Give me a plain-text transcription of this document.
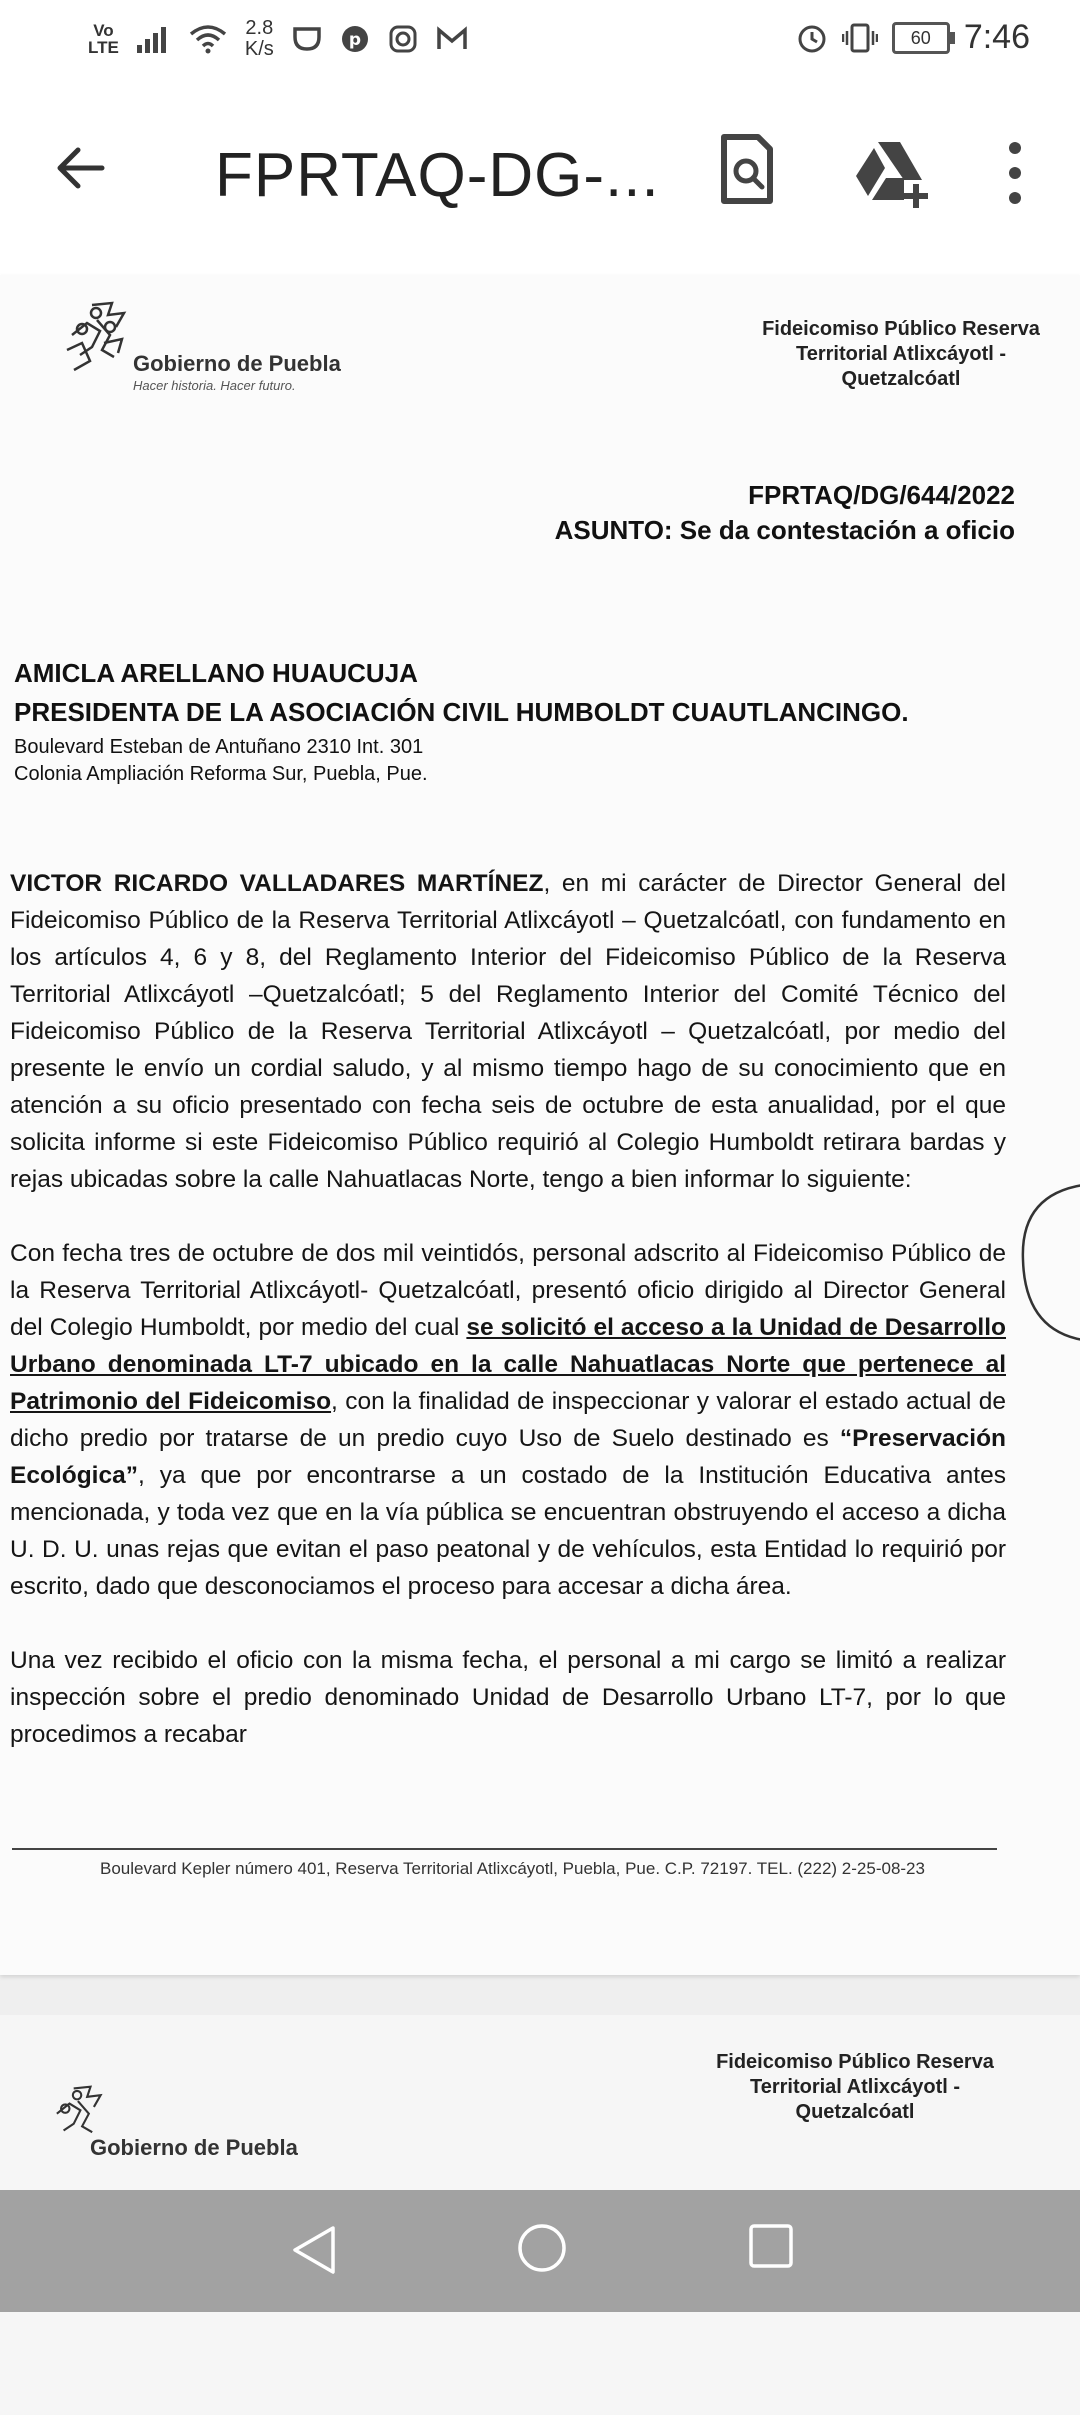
Vo
LTE
2.8
K/s	p	60 7:46
FPRTAQ-DG-...
Gobierno de Puebla
Hacer historia. Hacer futuro.
Fideicomiso Público Reserva Territorial Atlixcáyotl - Quetzalcóatl
FPRTAQ/DG/644/2022
ASUNTO: Se da contestación a oficio
AMICLA ARELLANO HUAUCUJA
PRESIDENTA DE LA ASOCIACIÓN CIVIL HUMBOLDT CUAUTLANCINGO.
Boulevard Esteban de Antuñano 2310 Int. 301
Colonia Ampliación Reforma Sur, Puebla, Pue.
VICTOR RICARDO VALLADARES MARTÍNEZ, en mi carácter de Director General del Fideicomiso Público de la Reserva Territorial Atlixcáyotl – Quetzalcóatl, con fundamento en los artículos 4, 6 y 8, del Reglamento Interior del Fideicomiso Público de la Reserva Territorial Atlixcáyotl –Quetzalcóatl; 5 del Reglamento Interior del Comité Técnico del Fideicomiso Público de la Reserva Territorial Atlixcáyotl – Quetzalcóatl, por medio del presente le envío un cordial saludo, y al mismo tiempo hago de su conocimiento que en atención a su oficio presentado con fecha seis de octubre de esta anualidad, por el que solicita informe si este Fideicomiso Público requirió al Colegio Humboldt retirara bardas y rejas ubicadas sobre la calle Nahuatlacas Norte, tengo a bien informar lo siguiente:
Con fecha tres de octubre de dos mil veintidós, personal adscrito al Fideicomiso Público de la Reserva Territorial Atlixcáyotl- Quetzalcóatl, presentó oficio dirigido al Director General del Colegio Humboldt, por medio del cual se solicitó el acceso a la Unidad de Desarrollo Urbano denominada LT-7 ubicado en la calle Nahuatlacas Norte que pertenece al Patrimonio del Fideicomiso, con la finalidad de inspeccionar y valorar el estado actual de dicho predio por tratarse de un predio cuyo Uso de Suelo destinado es “Preservación Ecológica”, ya que por encontrarse a un costado de la Institución Educativa antes mencionada, y toda vez que en la vía pública se encuentran obstruyendo el acceso a dicha U. D. U. unas rejas que evitan el paso peatonal y de vehículos, esta Entidad lo requirió por escrito, dado que desconociamos el proceso para accesar a dicha área.
Una vez recibido el oficio con la misma fecha, el personal a mi cargo se limitó a realizar inspección sobre el predio denominado Unidad de Desarrollo Urbano LT-7, por lo que procedimos a recabar
Boulevard Kepler número 401, Reserva Territorial Atlixcáyotl, Puebla, Pue. C.P. 72197. TEL. (222) 2-25-08-23
Gobierno de Puebla
Fideicomiso Público Reserva Territorial Atlixcáyotl - Quetzalcóatl
